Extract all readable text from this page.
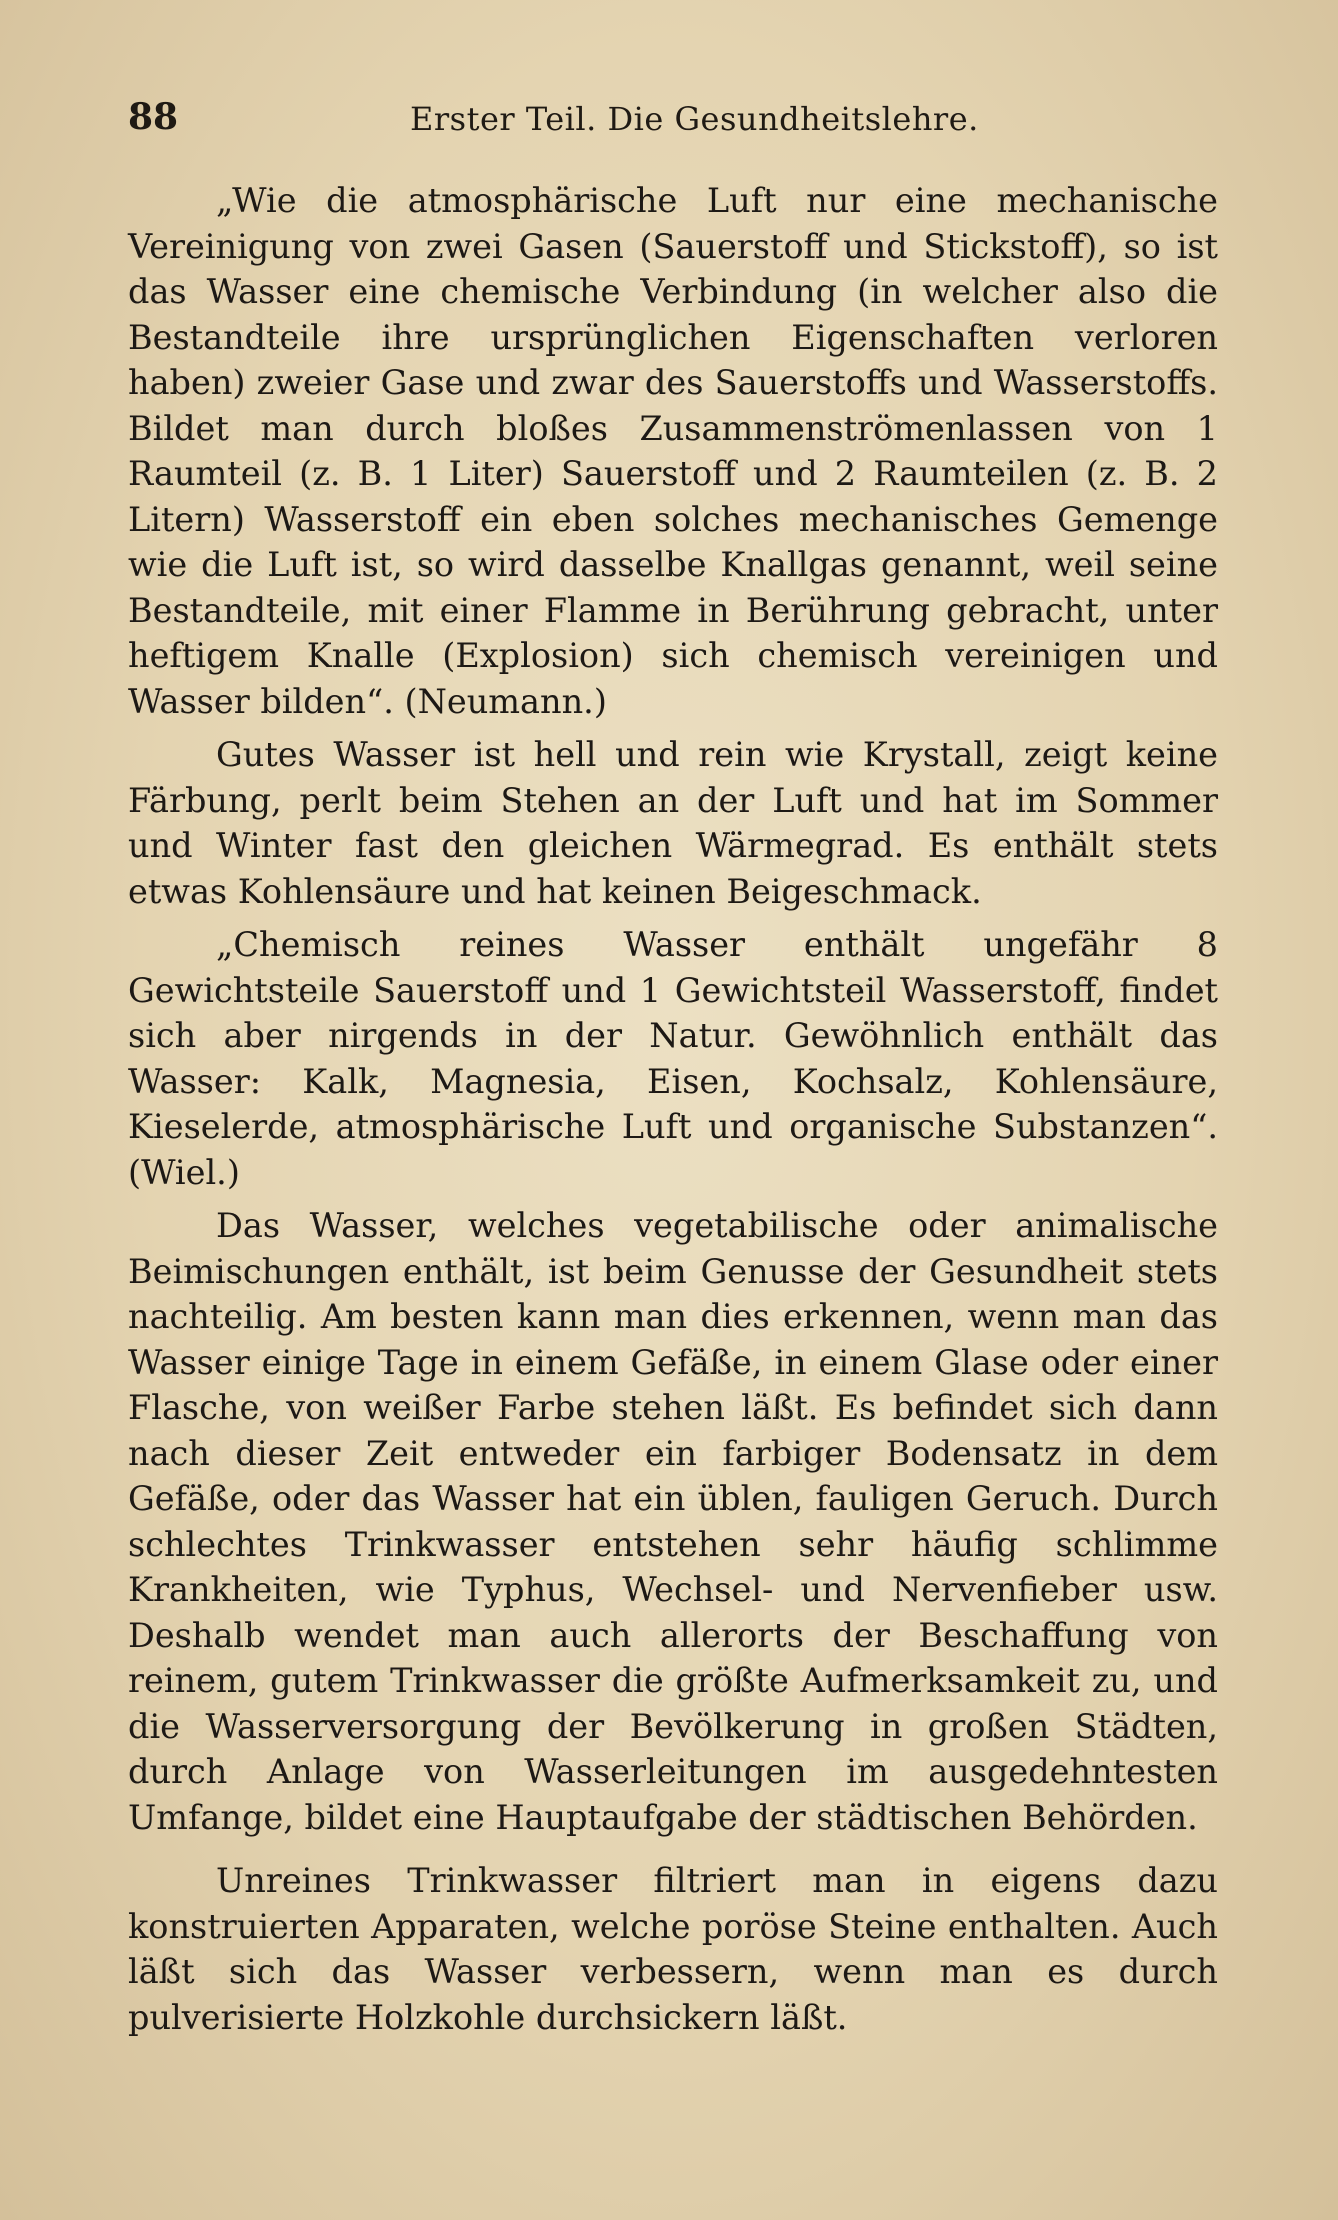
88	Erster Teil. Die Gesundheitslehre.

„Wie die atmosphärische Luft nur eine mechanische Vereinigung von zwei Gasen (Sauerstoff und Stickstoff), so ist das Wasser eine chemische Verbindung (in welcher also die Bestandteile ihre ursprünglichen Eigenschaften verloren haben) zweier Gase und zwar des Sauerstoffs und Wasserstoffs. Bildet man durch bloßes Zusammenströmenlassen von 1 Raumteil (z. B. 1 Liter) Sauerstoff und 2 Raumteilen (z. B. 2 Litern) Wasserstoff ein eben solches mechanisches Gemenge wie die Luft ist, so wird dasselbe Knallgas genannt, weil seine Bestandteile, mit einer Flamme in Berührung gebracht, unter heftigem Knalle (Explosion) sich chemisch vereinigen und Wasser bilden“. (Neumann.)

Gutes Wasser ist hell und rein wie Krystall, zeigt keine Färbung, perlt beim Stehen an der Luft und hat im Sommer und Winter fast den gleichen Wärmegrad. Es enthält stets etwas Kohlensäure und hat keinen Beigeschmack.

„Chemisch reines Wasser enthält ungefähr 8 Gewichtsteile Sauerstoff und 1 Gewichtsteil Wasserstoff, findet sich aber nirgends in der Natur. Gewöhnlich enthält das Wasser: Kalk, Magnesia, Eisen, Kochsalz, Kohlensäure, Kieselerde, atmosphärische Luft und organische Substanzen“. (Wiel.)

Das Wasser, welches vegetabilische oder animalische Beimischungen enthält, ist beim Genusse der Gesundheit stets nachteilig. Am besten kann man dies erkennen, wenn man das Wasser einige Tage in einem Gefäße, in einem Glase oder einer Flasche, von weißer Farbe stehen läßt. Es befindet sich dann nach dieser Zeit entweder ein farbiger Bodensatz in dem Gefäße, oder das Wasser hat ein üblen, fauligen Geruch. Durch schlechtes Trinkwasser entstehen sehr häufig schlimme Krankheiten, wie Typhus, Wechsel- und Nervenfieber usw. Deshalb wendet man auch allerorts der Beschaffung von reinem, gutem Trinkwasser die größte Aufmerksamkeit zu, und die Wasserversorgung der Bevölkerung in großen Städten, durch Anlage von Wasserleitungen im ausgedehntesten Umfange, bildet eine Hauptaufgabe der städtischen Behörden.

Unreines Trinkwasser filtriert man in eigens dazu konstruierten Apparaten, welche poröse Steine enthalten. Auch läßt sich das Wasser verbessern, wenn man es durch pulverisierte Holzkohle durchsickern läßt.
